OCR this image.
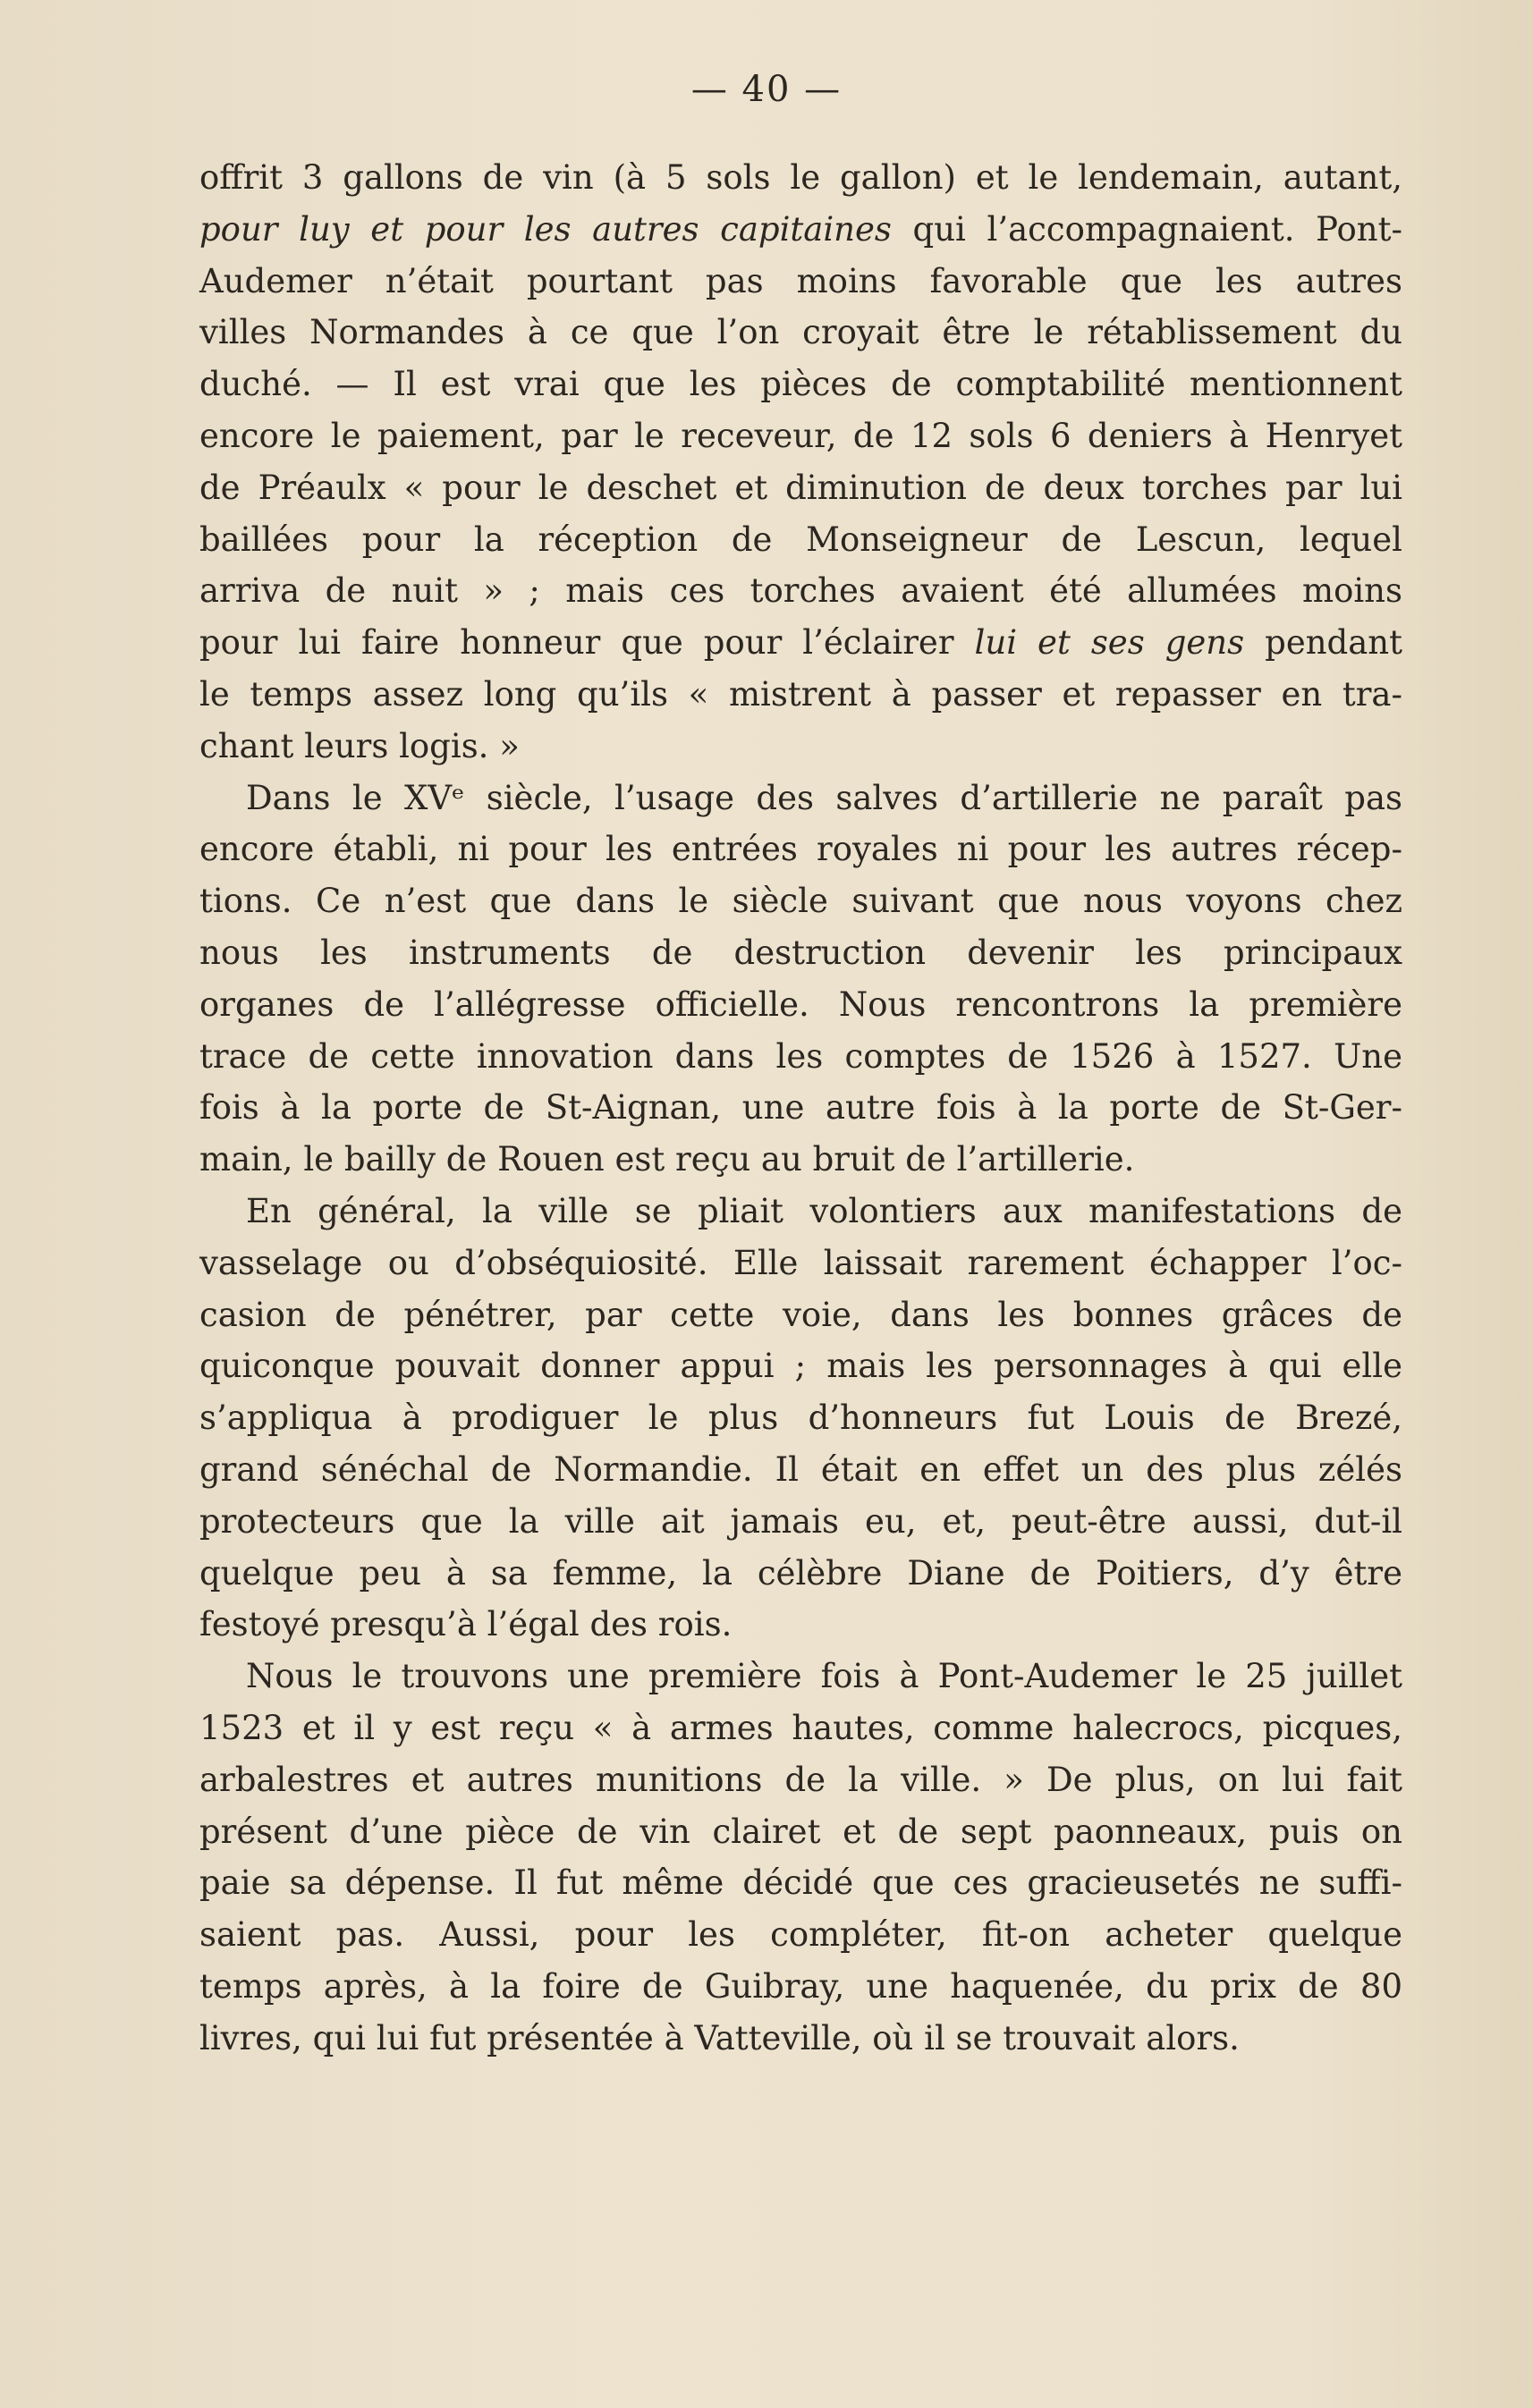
— 40 —
offrit 3 gallons de vin (à 5 sols le gallon) et le lendemain, autant,
pour luy et pour les autres capitaines qui l’accompagnaient. Pont-
Audemer n’était pourtant pas moins favorable que les autres
villes Normandes à ce que l’on croyait être le rétablissement du
duché. — Il est vrai que les pièces de comptabilité mentionnent
encore le paiement, par le receveur, de 12 sols 6 deniers à Henryet
de Préaulx « pour le deschet et diminution de deux torches par lui
baillées pour la réception de Monseigneur de Lescun, lequel
arriva de nuit » ; mais ces torches avaient été allumées moins
pour lui faire honneur que pour l’éclairer lui et ses gens pendant
le temps assez long qu’ils « mistrent à passer et repasser en tra-
chant leurs logis. »
Dans le XVᵉ siècle, l’usage des salves d’artillerie ne paraît pas
encore établi, ni pour les entrées royales ni pour les autres récep-
tions. Ce n’est que dans le siècle suivant que nous voyons chez
nous les instruments de destruction devenir les principaux
organes de l’allégresse officielle. Nous rencontrons la première
trace de cette innovation dans les comptes de 1526 à 1527. Une
fois à la porte de St-Aignan, une autre fois à la porte de St-Ger-
main, le bailly de Rouen est reçu au bruit de l’artillerie.
En général, la ville se pliait volontiers aux manifestations de
vasselage ou d’obséquiosité. Elle laissait rarement échapper l’oc-
casion de pénétrer, par cette voie, dans les bonnes grâces de
quiconque pouvait donner appui ; mais les personnages à qui elle
s’appliqua à prodiguer le plus d’honneurs fut Louis de Brezé,
grand sénéchal de Normandie. Il était en effet un des plus zélés
protecteurs que la ville ait jamais eu, et, peut-être aussi, dut-il
quelque peu à sa femme, la célèbre Diane de Poitiers, d’y être
festoyé presqu’à l’égal des rois.
Nous le trouvons une première fois à Pont-Audemer le 25 juillet
1523 et il y est reçu « à armes hautes, comme halecrocs, picques,
arbalestres et autres munitions de la ville. » De plus, on lui fait
présent d’une pièce de vin clairet et de sept paonneaux, puis on
paie sa dépense. Il fut même décidé que ces gracieusetés ne suffi-
saient pas. Aussi, pour les compléter, fit-on acheter quelque
temps après, à la foire de Guibray, une haquenée, du prix de 80
livres, qui lui fut présentée à Vatteville, où il se trouvait alors.
